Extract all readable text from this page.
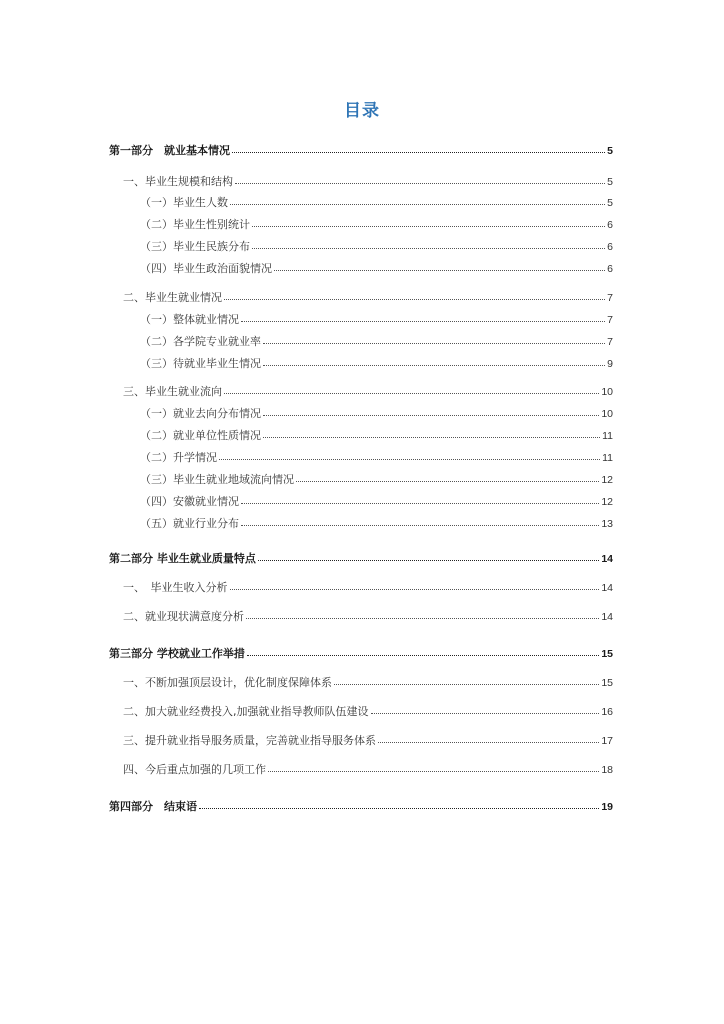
目录
第一部分　就业基本情况	5
一、毕业生规模和结构	5
（一）毕业生人数	5
（二）毕业生性别统计	6
（三）毕业生民族分布	6
（四）毕业生政治面貌情况	6
二、毕业生就业情况	7
（一）整体就业情况	7
（二）各学院专业就业率	7
（三）待就业毕业生情况	9
三、毕业生就业流向	10
（一）就业去向分布情况	10
（二）就业单位性质情况	11
（二）升学情况	11
（三）毕业生就业地域流向情况	12
（四）安徽就业情况	12
（五）就业行业分布	13
第二部分 毕业生就业质量特点	14
一、　毕业生收入分析	14
二、就业现状满意度分析	14
第三部分 学校就业工作举措	15
一、不断加强顶层设计，优化制度保障体系	15
二、加大就业经费投入,加强就业指导教师队伍建设	16
三、提升就业指导服务质量，完善就业指导服务体系	17
四、今后重点加强的几项工作	18
第四部分　结束语	19
